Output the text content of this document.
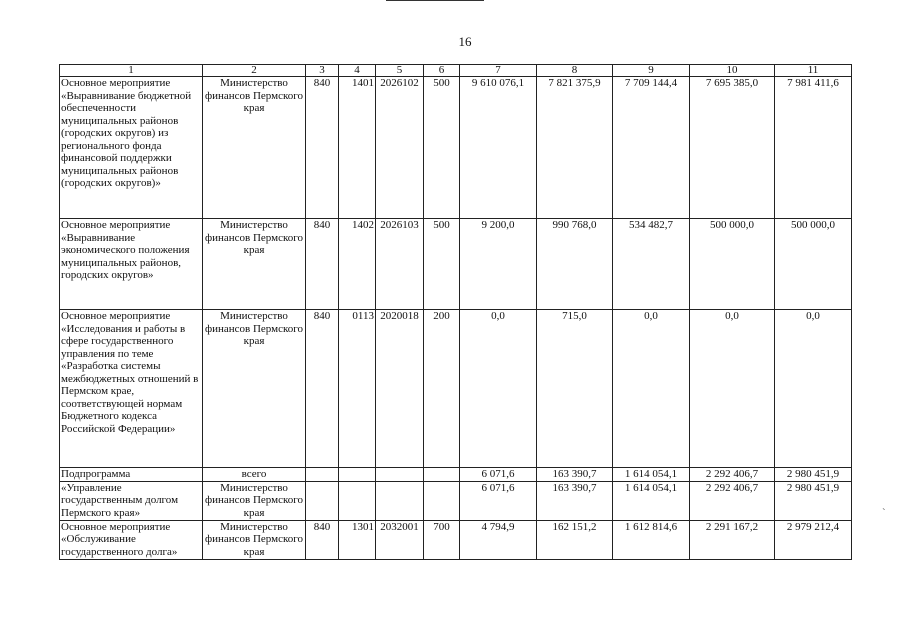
16
1	2	3	4	5	6	7	8	9	10	11
Основное мероприятие «Выравнивание бюджетной обеспеченности муниципальных районов (городских округов) из регионального фонда финансовой поддержки муниципальных районов (городских округов)»	Министерство финансов Пермского края	840	1401	2026102	500	9 610 076,1	7 821 375,9	7 709 144,4	7 695 385,0	7 981 411,6
Основное мероприятие «Выравнивание экономического положения муниципальных районов, городских округов»	Министерство финансов Пермского края	840	1402	2026103	500	9 200,0	990 768,0	534 482,7	500 000,0	500 000,0
Основное мероприятие «Исследования и работы в сфере государственного управления по теме «Разработка системы межбюджетных отношений в Пермском крае, соответствующей нормам Бюджетного кодекса Российской Федерации»	Министерство финансов Пермского края	840	0113	2020018	200	0,0	715,0	0,0	0,0	0,0
Подпрограмма	всего					6 071,6	163 390,7	1 614 054,1	2 292 406,7	2 980 451,9
«Управление государственным долгом Пермского края»	Министерство финансов Пермского края					6 071,6	163 390,7	1 614 054,1	2 292 406,7	2 980 451,9
Основное мероприятие «Обслуживание государственного долга»	Министерство финансов Пермского края	840	1301	2032001	700	4 794,9	162 151,2	1 612 814,6	2 291 167,2	2 979 212,4
ˋ
